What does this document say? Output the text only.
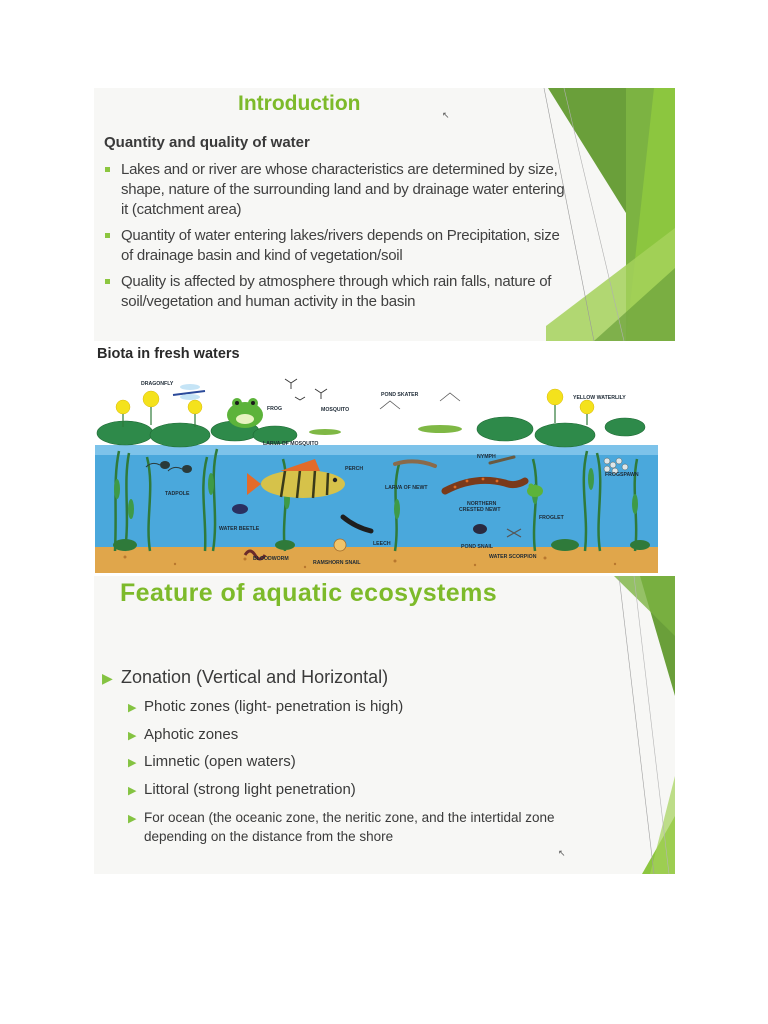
Introduction	↖
Quantity and quality of water
Lakes and or river are whose characteristics are determined by size, shape, nature of the surrounding land and by drainage water entering it (catchment area)
Quantity of water entering lakes/rivers depends on Precipitation, size of drainage basin and kind of vegetation/soil
Quality is affected by atmosphere through which rain falls, nature of soil/vegetation and human activity in the basin
Biota in fresh waters
DRAGONFLY
FROG	MOSQUITO
LARVA OF MOSQUITO
POND SKATER	YELLOW WATERLILY
TADPOLE
PERCH
LARVA OF NEWT
NYMPH
FROGSPAWN
NORTHERN
CRESTED NEWT
FROGLET
WATER BEETLE
LEECH	POND SNAIL
WATER SCORPION
BLOODWORM
RAMSHORN SNAIL
Feature of aquatic ecosystems
▶ Zonation (Vertical and Horizontal)
▶ Photic zones (light- penetration is high)
▶ Aphotic zones
▶ Limnetic (open waters)
▶ Littoral (strong light penetration)
▶ For ocean (the oceanic zone, the neritic zone, and the intertidal zone depending on the distance from the shore
↖
